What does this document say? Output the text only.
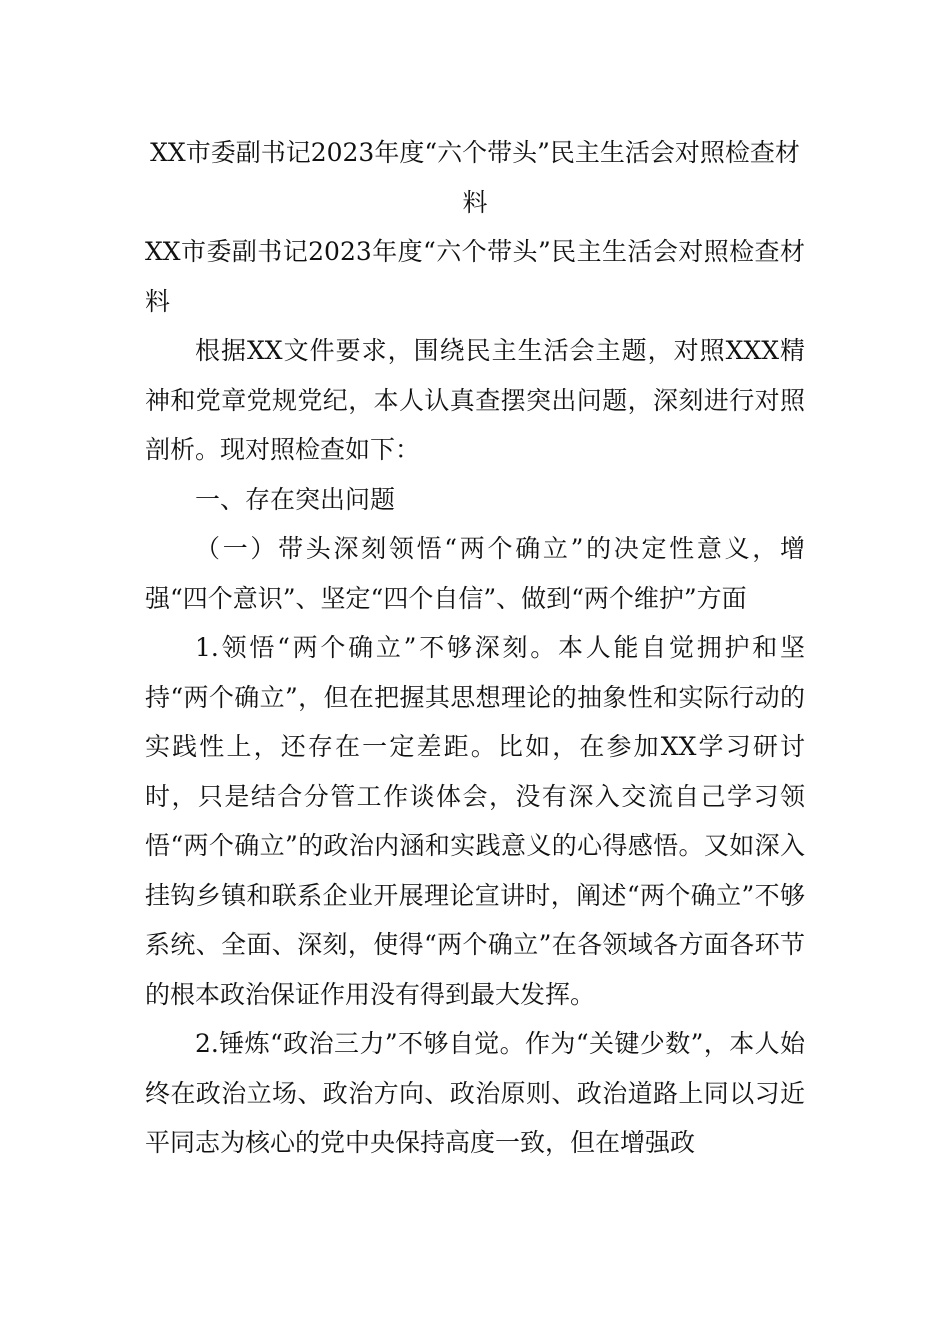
XX市委副书记2023年度“六个带头”民主生活会对照检查材料

XX市委副书记2023年度“六个带头”民主生活会对照检查材料

根据XX文件要求，围绕民主生活会主题，对照XXX精神和党章党规党纪，本人认真查摆突出问题，深刻进行对照剖析。现对照检查如下：

一、存在突出问题

（一）带头深刻领悟“两个确立”的决定性意义，增强“四个意识”、坚定“四个自信”、做到“两个维护”方面

1.领悟“两个确立”不够深刻。本人能自觉拥护和坚持“两个确立”，但在把握其思想理论的抽象性和实际行动的实践性上，还存在一定差距。比如，在参加XX学习研讨时，只是结合分管工作谈体会，没有深入交流自己学习领悟“两个确立”的政治内涵和实践意义的心得感悟。又如深入挂钩乡镇和联系企业开展理论宣讲时，阐述“两个确立”不够系统、全面、深刻，使得“两个确立”在各领域各方面各环节的根本政治保证作用没有得到最大发挥。

2.锤炼“政治三力”不够自觉。作为“关键少数”，本人始终在政治立场、政治方向、政治原则、政治道路上同以习近平同志为核心的党中央保持高度一致，但在增强政
